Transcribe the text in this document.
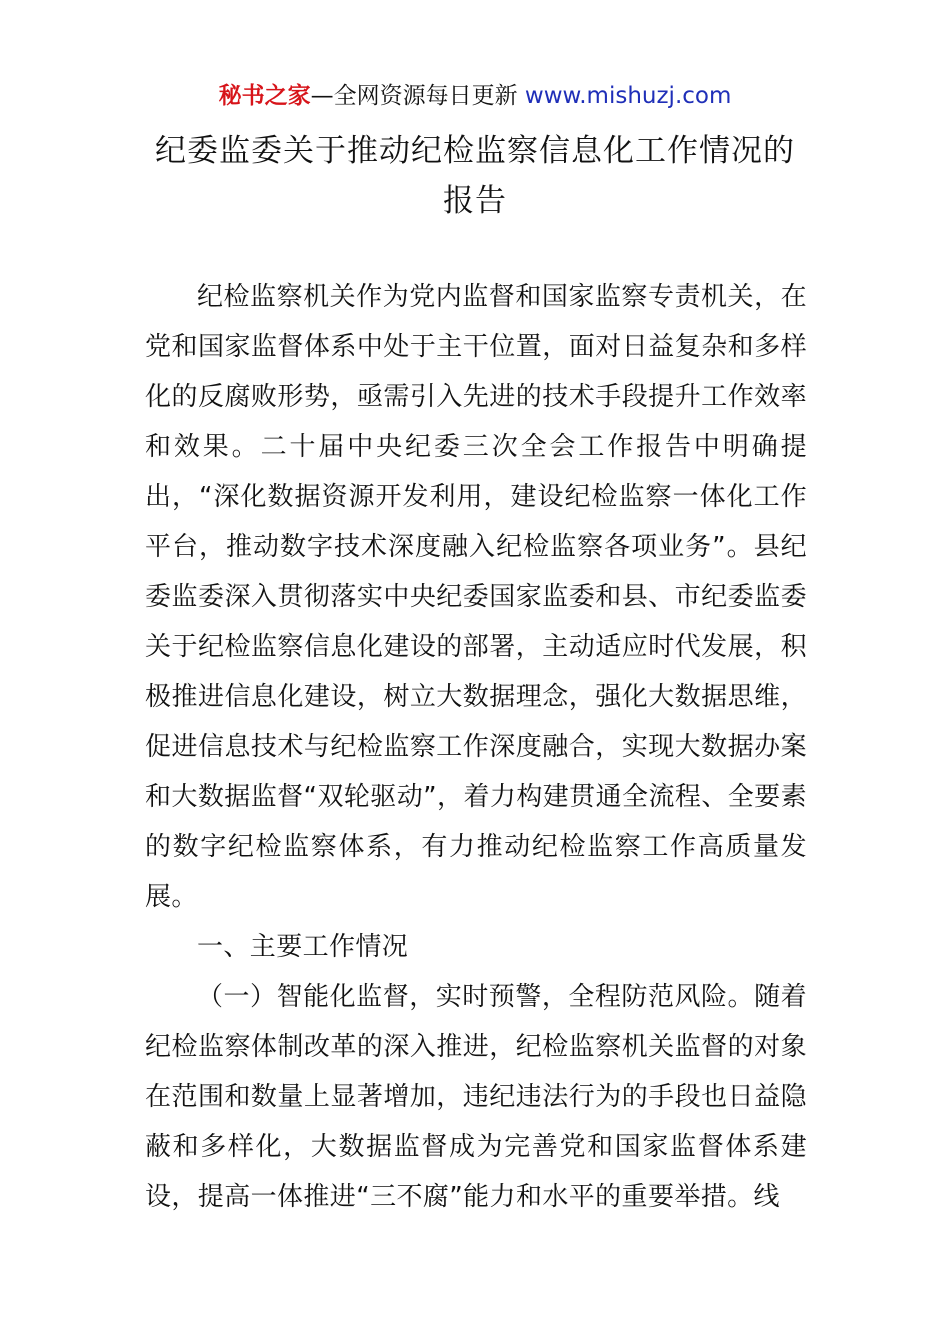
秘书之家—全网资源每日更新 www.mishuzj.com
纪委监委关于推动纪检监察信息化工作情况的报告

纪检监察机关作为党内监督和国家监察专责机关，在党和国家监督体系中处于主干位置，面对日益复杂和多样化的反腐败形势，亟需引入先进的技术手段提升工作效率和效果。二十届中央纪委三次全会工作报告中明确提出，“深化数据资源开发利用，建设纪检监察一体化工作平台，推动数字技术深度融入纪检监察各项业务”。县纪委监委深入贯彻落实中央纪委国家监委和县、市纪委监委关于纪检监察信息化建设的部署，主动适应时代发展，积极推进信息化建设，树立大数据理念，强化大数据思维，促进信息技术与纪检监察工作深度融合，实现大数据办案和大数据监督“双轮驱动”，着力构建贯通全流程、全要素的数字纪检监察体系，有力推动纪检监察工作高质量发展。

一、主要工作情况

（一）智能化监督，实时预警，全程防范风险。随着纪检监察体制改革的深入推进，纪检监察机关监督的对象在范围和数量上显著增加，违纪违法行为的手段也日益隐蔽和多样化，大数据监督成为完善党和国家监督体系建设，提高一体推进“三不腐”能力和水平的重要举措。线
